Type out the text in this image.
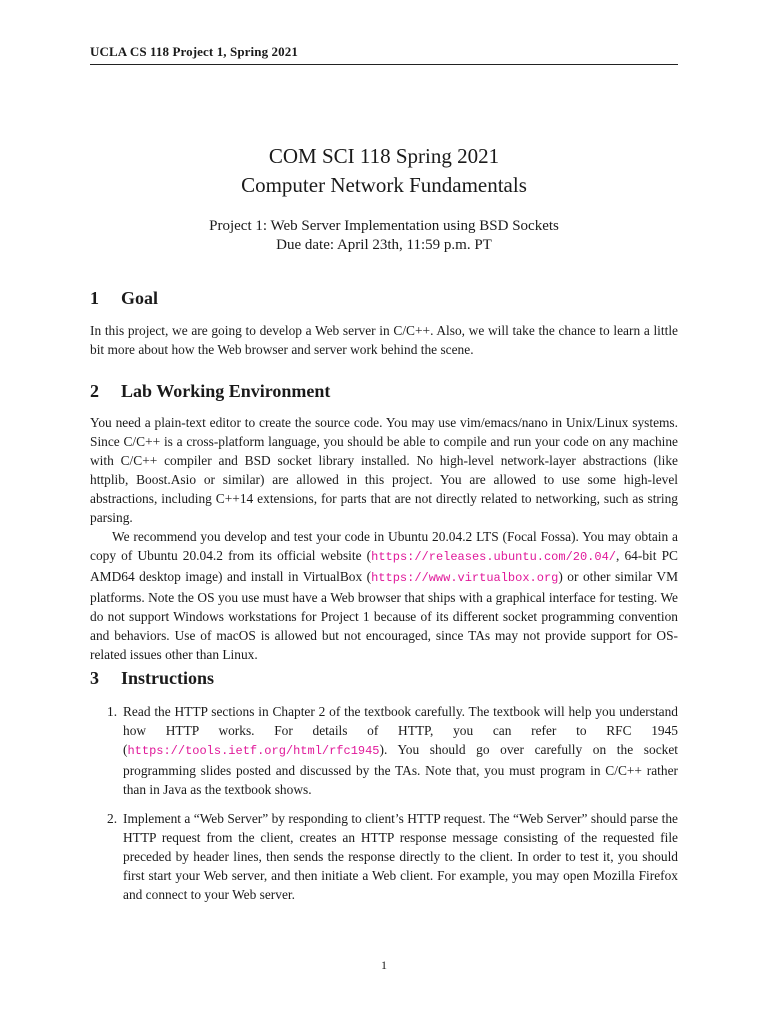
UCLA CS 118 Project 1, Spring 2021
COM SCI 118 Spring 2021
Computer Network Fundamentals
Project 1: Web Server Implementation using BSD Sockets
Due date: April 23th, 11:59 p.m. PT
1 Goal

In this project, we are going to develop a Web server in C/C++. Also, we will take the chance to learn a little bit more about how the Web browser and server work behind the scene.

2 Lab Working Environment

You need a plain-text editor to create the source code. You may use vim/emacs/nano in Unix/Linux systems. Since C/C++ is a cross-platform language, you should be able to compile and run your code on any machine with C/C++ compiler and BSD socket library installed. No high-level network-layer abstractions (like httplib, Boost.Asio or similar) are allowed in this project. You are allowed to use some high-level abstractions, including C++14 extensions, for parts that are not directly related to networking, such as string parsing.

We recommend you develop and test your code in Ubuntu 20.04.2 LTS (Focal Fossa). You may obtain a copy of Ubuntu 20.04.2 from its official website (https://releases.ubuntu.com/20.04/, 64-bit PC AMD64 desktop image) and install in VirtualBox (https://www.virtualbox.org) or other similar VM platforms. Note the OS you use must have a Web browser that ships with a graphical interface for testing. We do not support Windows workstations for Project 1 because of its different socket programming convention and behaviors. Use of macOS is allowed but not encouraged, since TAs may not provide support for OS-related issues other than Linux.

3 Instructions
1. Read the HTTP sections in Chapter 2 of the textbook carefully. The textbook will help you understand how HTTP works. For details of HTTP, you can refer to RFC 1945 (https://tools.ietf.org/html/rfc1945). You should go over carefully on the socket programming slides posted and discussed by the TAs. Note that, you must program in C/C++ rather than in Java as the textbook shows.
2. Implement a “Web Server” by responding to client’s HTTP request. The “Web Server” should parse the HTTP request from the client, creates an HTTP response message consisting of the requested file preceded by header lines, then sends the response directly to the client. In order to test it, you should first start your Web server, and then initiate a Web client. For example, you may open Mozilla Firefox and connect to your Web server.
1
